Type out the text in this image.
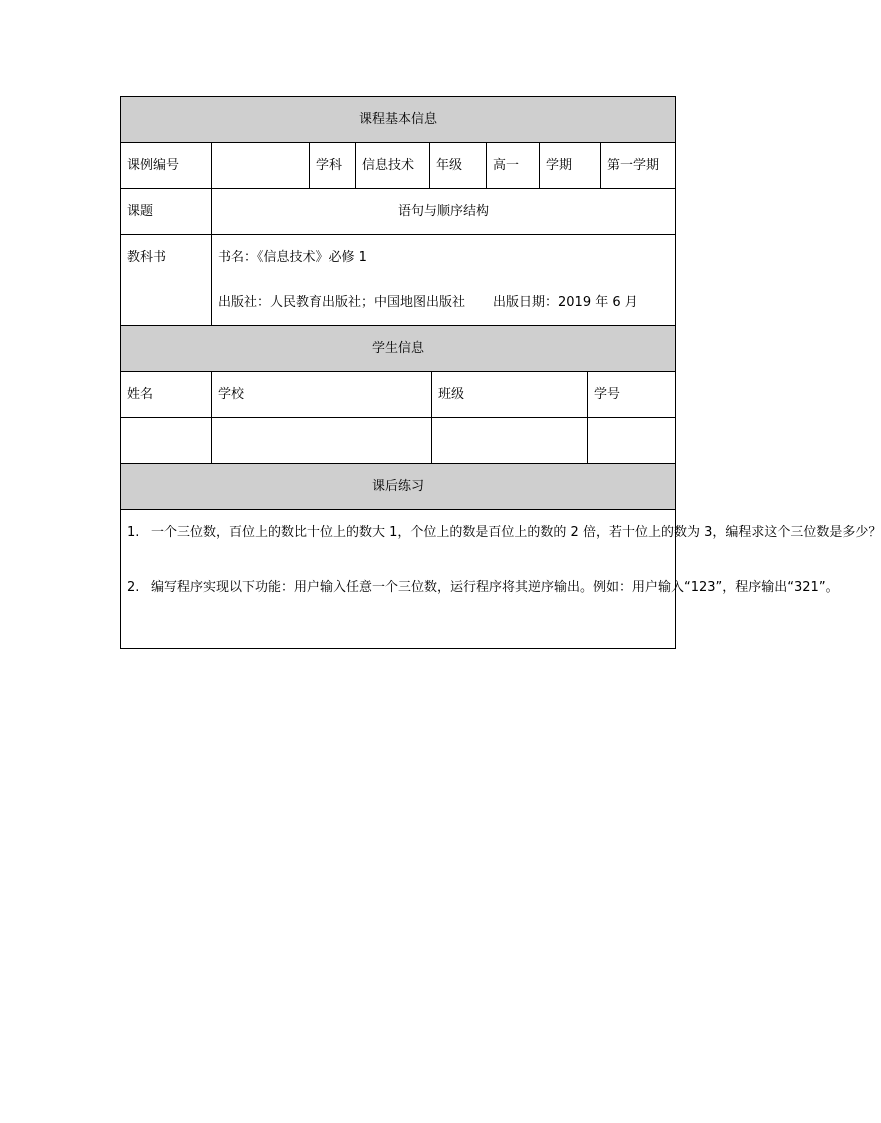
课程基本信息							
课例编号		学科	信息技术	年级	高一	学期	第一学期
课题	语句与顺序结构						
教科书	书名：《信息技术》必修 1
出版社：人民教育出版社；中国地图出版社 出版日期：2019 年 6 月						
学生信息			
姓名	学校	班级	学号

课后练习			

1. 一个三位数，百位上的数比十位上的数大 1，个位上的数是百位上的数的 2 倍，若十位上的数为 3，编程求这个三位数是多少？
2. 编写程序实现以下功能：用户输入任意一个三位数，运行程序将其逆序输出。例如：用户输入“123”，程序输出“321”。			
